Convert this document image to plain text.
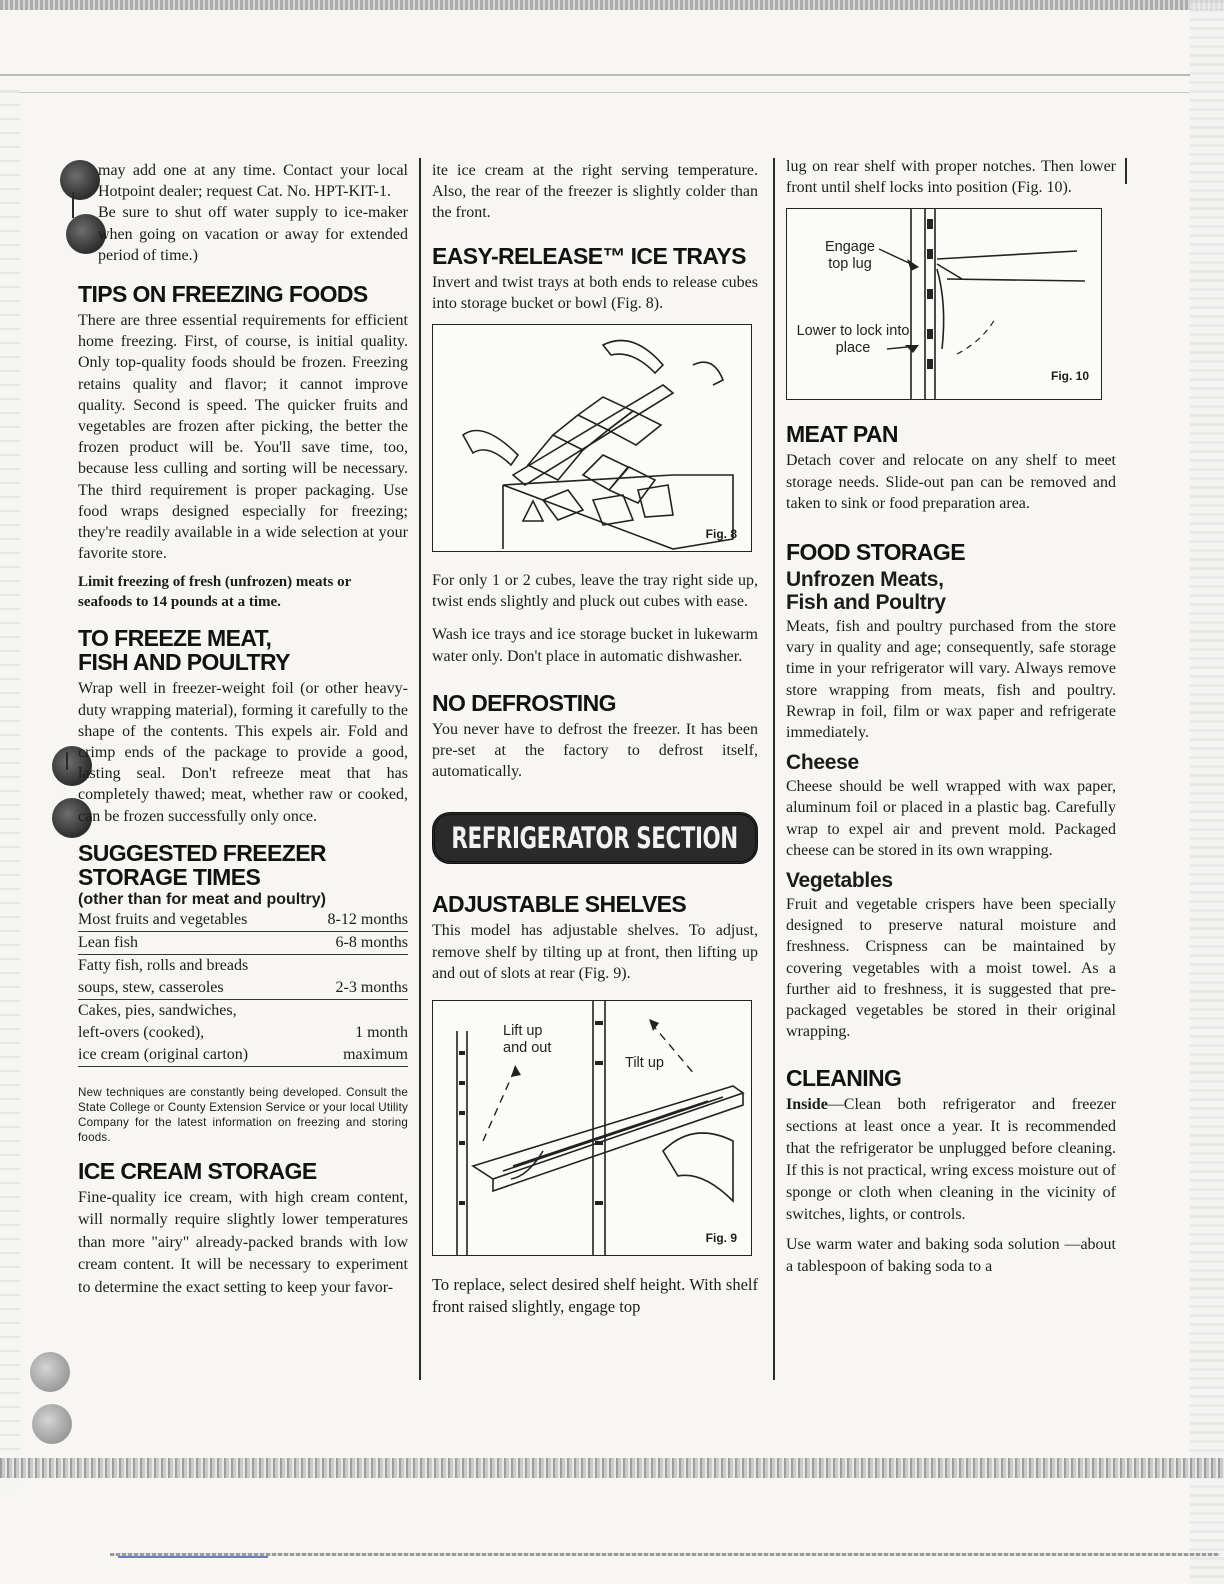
may add one at any time. Contact your local Hotpoint dealer; request Cat. No. HPT-KIT-1.

Be sure to shut off water supply to ice-maker when going on vacation or away for extended period of time.)

TIPS ON FREEZING FOODS

There are three essential requirements for efficient home freezing. First, of course, is initial quality. Only top-quality foods should be frozen. Freezing retains quality and flavor; it cannot improve quality. Second is speed. The quicker fruits and vegetables are frozen after picking, the better the frozen product will be. You'll save time, too, because less culling and sorting will be necessary. The third requirement is proper packaging. Use food wraps designed especially for freezing; they're readily available in a wide selection at your favorite store.

Limit freezing of fresh (unfrozen) meats or seafoods to 14 pounds at a time.

TO FREEZE MEAT,
FISH AND POULTRY

Wrap well in freezer-weight foil (or other heavy-duty wrapping material), forming it carefully to the shape of the contents. This expels air. Fold and crimp ends of the package to provide a good, lasting seal. Don't refreeze meat that has completely thawed; meat, whether raw or cooked, can be frozen successfully only once.

SUGGESTED FREEZER
STORAGE TIMES

(other than for meat and poultry)

Most fruits and vegetables	8-12 months
Lean fish	6-8 months
Fatty fish, rolls and breads	
soups, stew, casseroles	2-3 months
Cakes, pies, sandwiches,	
left-overs (cooked),	1 month
ice cream (original carton)	maximum

New techniques are constantly being developed. Consult the State College or County Extension Service or your local Utility Company for the latest information on freezing and storing foods.

ICE CREAM STORAGE

Fine-quality ice cream, with high cream content, will normally require slightly lower temperatures than more "airy" already-packed brands with low cream content. It will be necessary to experiment to determine the exact setting to keep your favor-

ite ice cream at the right serving temperature. Also, the rear of the freezer is slightly colder than the front.

EASY-RELEASE™ ICE TRAYS

Invert and twist trays at both ends to release cubes into storage bucket or bowl (Fig. 8).

Fig. 8

For only 1 or 2 cubes, leave the tray right side up, twist ends slightly and pluck out cubes with ease.

Wash ice trays and ice storage bucket in lukewarm water only. Don't place in automatic dishwasher.

NO DEFROSTING

You never have to defrost the freezer. It has been pre-set at the factory to defrost itself, automatically.

REFRIGERATOR SECTION
ADJUSTABLE SHELVES

This model has adjustable shelves. To adjust, remove shelf by tilting up at front, then lifting up and out of slots at rear (Fig. 9).

Lift up and out
Tilt up
Fig. 9

To replace, select desired shelf height. With shelf front raised slightly, engage top

lug on rear shelf with proper notches. Then lower front until shelf locks into position (Fig. 10).

Engage top lug
Lower to lock into place
Fig. 10
MEAT PAN

Detach cover and relocate on any shelf to meet storage needs. Slide-out pan can be removed and taken to sink or food preparation area.

FOOD STORAGE
Unfrozen Meats,
Fish and Poultry

Meats, fish and poultry purchased from the store vary in quality and age; consequently, safe storage time in your refrigerator will vary. Always remove store wrapping from meats, fish and poultry. Rewrap in foil, film or wax paper and refrigerate immediately.

Cheese

Cheese should be well wrapped with wax paper, aluminum foil or placed in a plastic bag. Carefully wrap to expel air and prevent mold. Packaged cheese can be stored in its own wrapping.

Vegetables

Fruit and vegetable crispers have been specially designed to preserve natural moisture and freshness. Crispness can be maintained by covering vegetables with a moist towel. As a further aid to freshness, it is suggested that pre-packaged vegetables be stored in their original wrapping.

CLEANING

Inside—Clean both refrigerator and freezer sections at least once a year. It is recommended that the refrigerator be unplugged before cleaning. If this is not practical, wring excess moisture out of sponge or cloth when cleaning in the vicinity of switches, lights, or controls.

Use warm water and baking soda solution —about a tablespoon of baking soda to a
